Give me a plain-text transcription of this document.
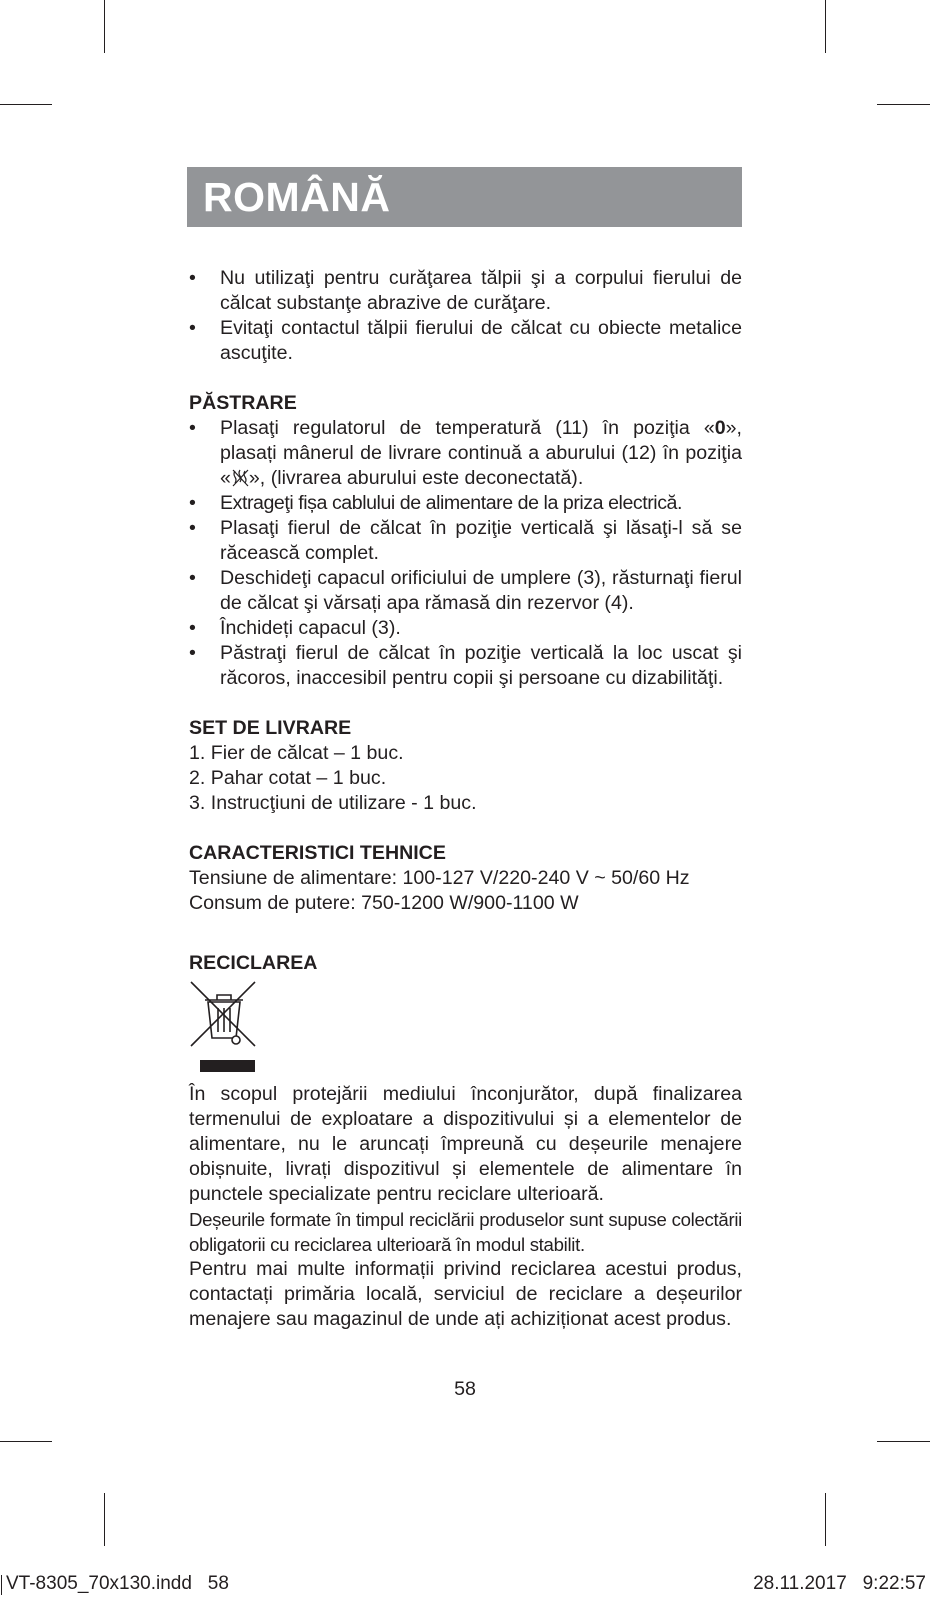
ROMÂNĂ
• Nu utilizaţi pentru curăţarea tălpii şi a corpului fierului de călcat substanţe abrazive de curăţare.
• Evitaţi contactul tălpii fierului de călcat cu obiecte metalice ascuţite.
PĂSTRARE
• Plasaţi regulatorul de temperatură (11) în poziţia «0», plasați mânerul de livrare continuă a aburului (12) în poziţia « », (livrarea aburului este deconectată).
• Extrageţi fișa cablului de alimentare de la priza electrică.
• Plasaţi fierul de călcat în poziţie verticală şi lăsaţi-l să se răcească complet.
• Deschideţi capacul orificiului de umplere (3), răsturnaţi fierul de călcat şi vărsați apa rămasă din rezervor (4).
• Închideți capacul (3).
• Păstraţi fierul de călcat în poziţie verticală la loc uscat şi răcoros, inaccesibil pentru copii şi persoane cu dizabilităţi.
SET DE LIVRARE
1. Fier de călcat – 1 buc.
2. Pahar cotat – 1 buc.
3. Instrucţiuni de utilizare - 1 buc.
CARACTERISTICI TEHNICE
Tensiune de alimentare: 100-127 V/220-240 V ~ 50/60 Hz
Consum de putere: 750-1200 W/900-1100 W
RECICLAREA
În scopul protejării mediului înconjurător, după finalizarea termenului de exploatare a dispozitivului și a elementelor de alimentare, nu le aruncați împreună cu deșeurile menajere obișnuite, livrați dispozitivul și elementele de alimentare în punctele specializate pentru reciclare ulterioară.
Deșeurile formate în timpul reciclării produselor sunt supuse colectării obligatorii cu reciclarea ulterioară în modul stabilit.
Pentru mai multe informații privind reciclarea acestui produs, contactați primăria locală, serviciul de reciclare a deșeurilor menajere sau magazinul de unde ați achiziționat acest produs.
58
VT-8305_70x130.indd   58	28.11.2017   9:22:57
